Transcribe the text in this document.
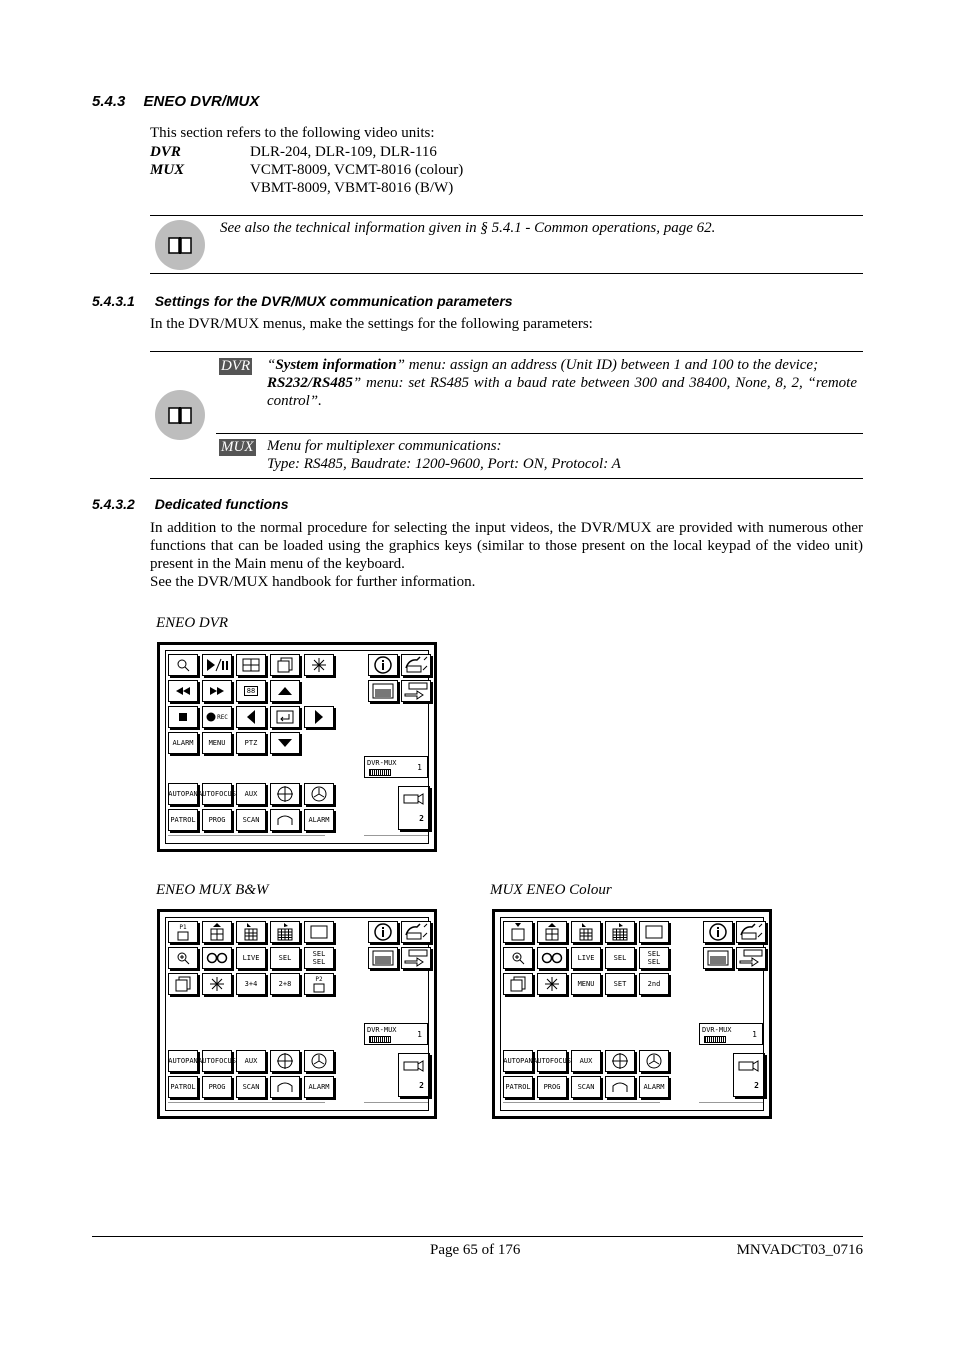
5.4.3 ENEO DVR/MUX
This section refers to the following video units:
DVR	DLR-204, DLR-109, DLR-116
MUX	VCMT-8009, VCMT-8016 (colour)
VBMT-8009, VBMT-8016 (B/W)
See also the technical information given in § 5.4.1 - Common operations, page 62.
5.4.3.1 Settings for the DVR/MUX communication parameters
In the DVR/MUX menus, make the settings for the following parameters:
DVR “System information” menu: assign an address (Unit ID) between 1 and 100 to the device;
RS232/RS485” menu: set RS485 with a baud rate between 300 and 38400, None, 8, 2, “remote control”.
MUX Menu for multiplexer communications:
Type: RS485, Baudrate: 1200-9600, Port: ON, Protocol: A
5.4.3.2 Dedicated functions
In addition to the normal procedure for selecting the input videos, the DVR/MUX are provided with numerous other functions that can be loaded using the graphics keys (similar to those present on the local keypad of the video unit) present in the Main menu of the keyboard.
See the DVR/MUX handbook for further information.
ENEO DVR
ENEO MUX B&W	MUX ENEO Colour
88
REC
ALARM	MENU	PTZ
DVR-MUX	1
AUTOPAN AUTOFOCUS	AUX
PATROL	PROG	SCAN	ALARM	2
P1
LIVE	SEL	SEL
SEL
3+4	2+8
P2
DVR-MUX	1
AUTOPAN AUTOFOCUS	AUX
PATROL	PROG	SCAN	ALARM	2
LIVE	SEL	SEL
SEL
MENU	SET	2nd
DVR-MUX	1
AUTOPAN AUTOFOCUS	AUX
PATROL	PROG	SCAN	ALARM	2
Page 65 of 176	MNVADCT03_0716
